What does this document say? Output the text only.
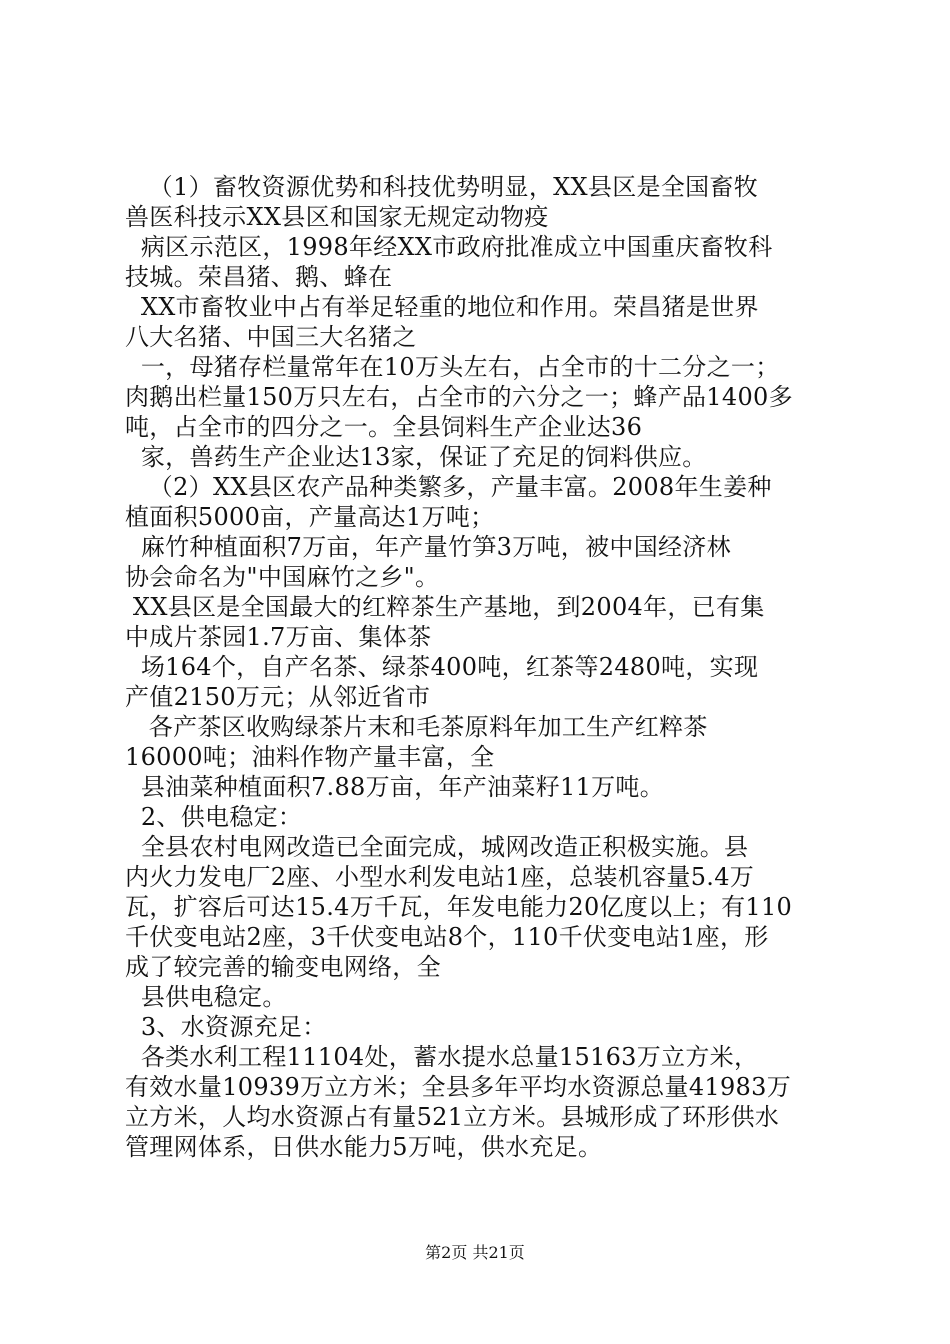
（1）畜牧资源优势和科技优势明显，XX县区是全国畜牧
兽医科技示XX县区和国家无规定动物疫
病区示范区，1998年经XX市政府批准成立中国重庆畜牧科
技城。荣昌猪、鹅、蜂在
XX市畜牧业中占有举足轻重的地位和作用。荣昌猪是世界
八大名猪、中国三大名猪之
一，母猪存栏量常年在10万头左右，占全市的十二分之一；
肉鹅出栏量150万只左右，占全市的六分之一；蜂产品1400多
吨，占全市的四分之一。全县饲料生产企业达36
家，兽药生产企业达13家，保证了充足的饲料供应。
（2）XX县区农产品种类繁多，产量丰富。2008年生姜种
植面积5000亩，产量高达1万吨；
麻竹种植面积7万亩，年产量竹笋3万吨，被中国经济林
协会命名为"中国麻竹之乡"。
XX县区是全国最大的红粹茶生产基地，到2004年，已有集
中成片茶园1.7万亩、集体茶
场164个，自产名茶、绿茶400吨，红茶等2480吨，实现
产值2150万元；从邻近省市
各产茶区收购绿茶片末和毛茶原料年加工生产红粹茶
16000吨；油料作物产量丰富，全
县油菜种植面积7.88万亩，年产油菜籽11万吨。
2、供电稳定：
全县农村电网改造已全面完成，城网改造正积极实施。县
内火力发电厂2座、小型水利发电站1座，总装机容量5.4万
瓦，扩容后可达15.4万千瓦，年发电能力20亿度以上；有110
千伏变电站2座，3千伏变电站8个，110千伏变电站1座，形
成了较完善的输变电网络，全
县供电稳定。
3、水资源充足：
各类水利工程11104处，蓄水提水总量15163万立方米，
有效水量10939万立方米；全县多年平均水资源总量41983万
立方米，人均水资源占有量521立方米。县城形成了环形供水
管理网体系，日供水能力5万吨，供水充足。
第2页 共21页
